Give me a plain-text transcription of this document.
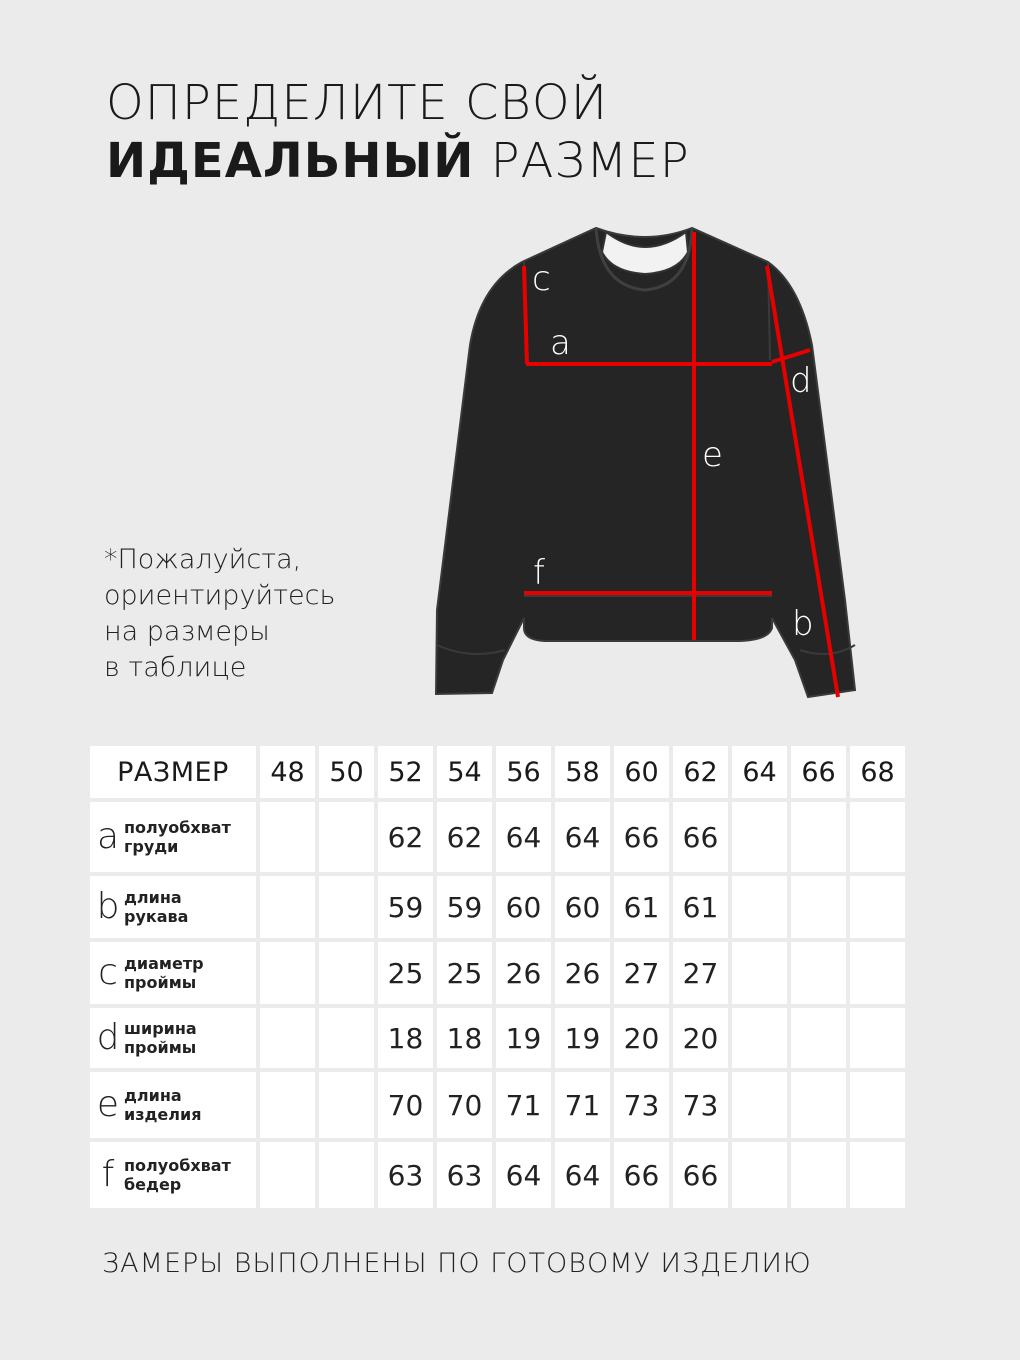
ОПРЕДЕЛИТЕ СВОЙ
ИДЕАЛЬНЫЙ РАЗМЕР
*Пожалуйста,
ориентируйтесь
на размеры
в таблице
c
a
d
e
f
b
РАЗМЕР	48	50	52	54	56	58	60	62	64	66	68

a полуобхват
груди			62	62	64	64	66	66			

b длина
рукава			59	59	60	60	61	61			

c диаметр
проймы			25	25	26	26	27	27			

d ширина
проймы			18	18	19	19	20	20			

e длина
изделия			70	70	71	71	73	73			

f полуобхват
бедер			63	63	64	64	66	66			
ЗАМЕРЫ ВЫПОЛНЕНЫ ПО ГОТОВОМУ ИЗДЕЛИЮ
